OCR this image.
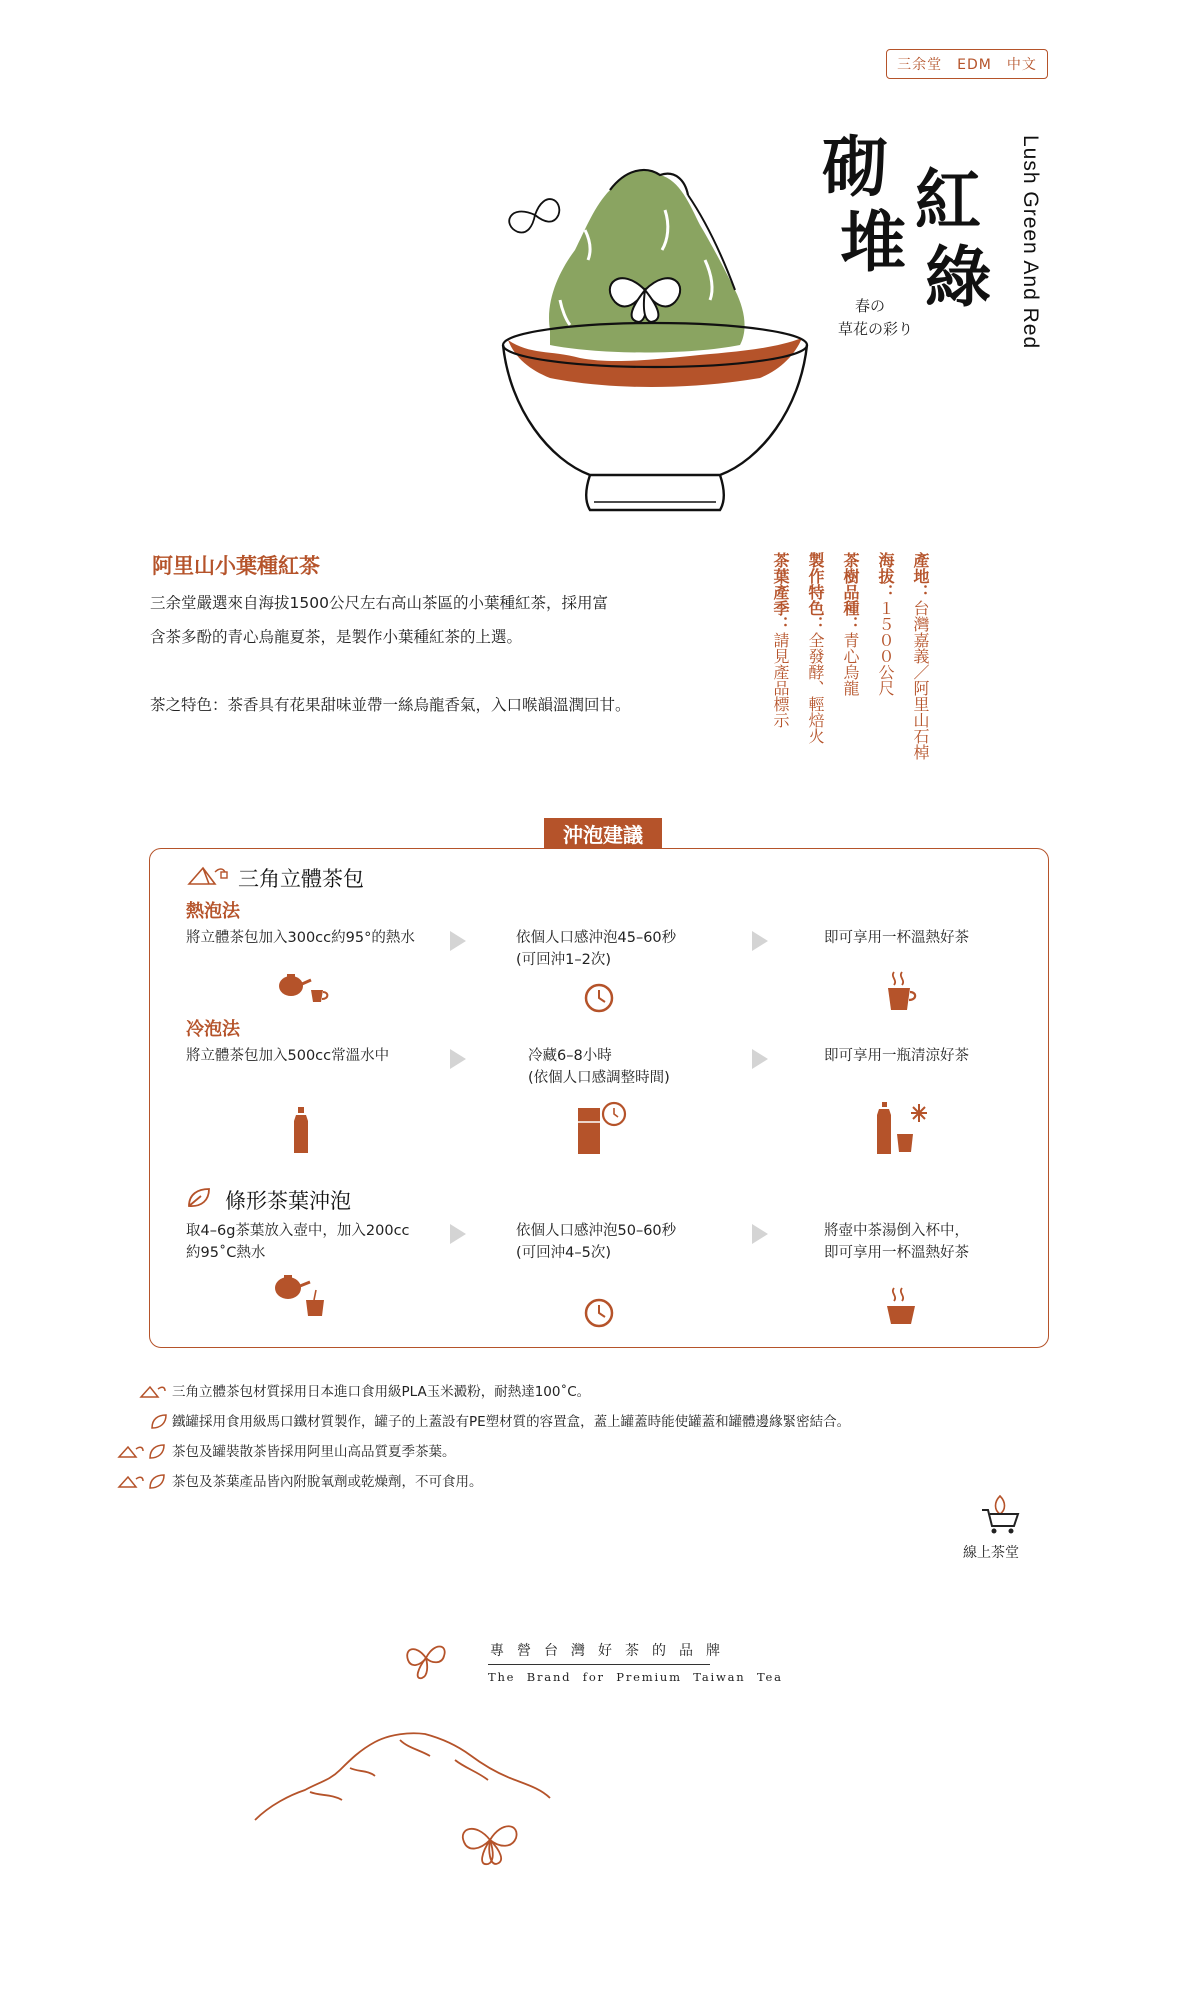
三余堂　EDM　中文
砌 紅
堆 綠 Lush Green And Red
春の
草花の彩り
阿里山小葉種紅茶
三余堂嚴選來自海拔1500公尺左右高山茶區的小葉種紅茶，採用富
含茶多酚的青心烏龍夏茶，是製作小葉種紅茶的上選。
茶之特色：茶香具有花果甜味並帶一絲烏龍香氣，入口喉韻溫潤回甘。
產地：台灣嘉義／阿里山石棹
海拔：１５００公尺
茶樹品種：青心烏龍
製作特色：全發酵、輕焙火
茶葉產季：請見產品標示
沖泡建議
三角立體茶包
熱泡法
將立體茶包加入300cc約95°的熱水	依個人口感沖泡45–60秒
(可回沖1–2次)
即可享用一杯溫熱好茶
冷泡法
將立體茶包加入500cc常溫水中	冷藏6–8小時
(依個人口感調整時間)
即可享用一瓶清涼好茶
條形茶葉沖泡
取4–6g茶葉放入壺中，加入200cc
約95˚C熱水
依個人口感沖泡50–60秒
(可回沖4–5次)
將壺中茶湯倒入杯中，
即可享用一杯溫熱好茶
三角立體茶包材質採用日本進口食用級PLA玉米澱粉，耐熱達100˚C。
鐵罐採用食用級馬口鐵材質製作，罐子的上蓋設有PE塑材質的容置盒，蓋上罐蓋時能使罐蓋和罐體邊緣緊密結合。
茶包及罐裝散茶皆採用阿里山高品質夏季茶葉。
茶包及茶葉產品皆內附脫氧劑或乾燥劑，不可食用。
線上茶堂
專營台灣好茶的品牌
The Brand for Premium Taiwan Tea
